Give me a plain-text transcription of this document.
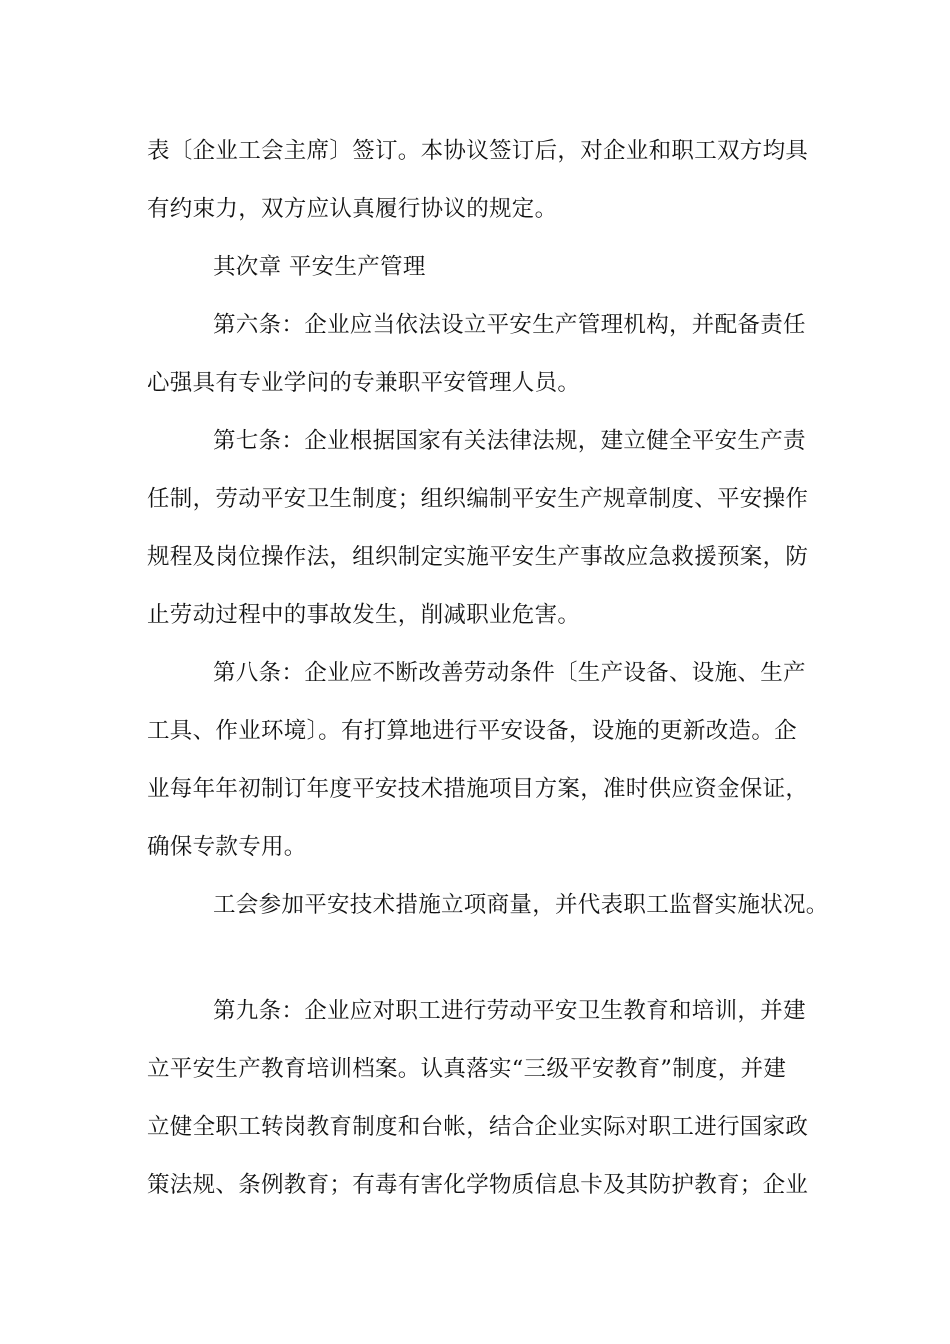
表〔企业工会主席〕签订。本协议签订后，对企业和职工双方均具
有约束力，双方应认真履行协议的规定。
其次章 平安生产管理
第六条：企业应当依法设立平安生产管理机构，并配备责任
心强具有专业学问的专兼职平安管理人员。
第七条：企业根据国家有关法律法规，建立健全平安生产责
任制，劳动平安卫生制度；组织编制平安生产规章制度、平安操作
规程及岗位操作法，组织制定实施平安生产事故应急救援预案，防
止劳动过程中的事故发生，削减职业危害。
第八条：企业应不断改善劳动条件〔生产设备、设施、生产
工具、作业环境〕。有打算地进行平安设备，设施的更新改造。企
业每年年初制订年度平安技术措施项目方案，准时供应资金保证，
确保专款专用。
工会参加平安技术措施立项商量，并代表职工监督实施状况。
第九条：企业应对职工进行劳动平安卫生教育和培训，并建
立平安生产教育培训档案。认真落实“三级平安教育”制度，并建
立健全职工转岗教育制度和台帐，结合企业实际对职工进行国家政
策法规、条例教育；有毒有害化学物质信息卡及其防护教育；企业
